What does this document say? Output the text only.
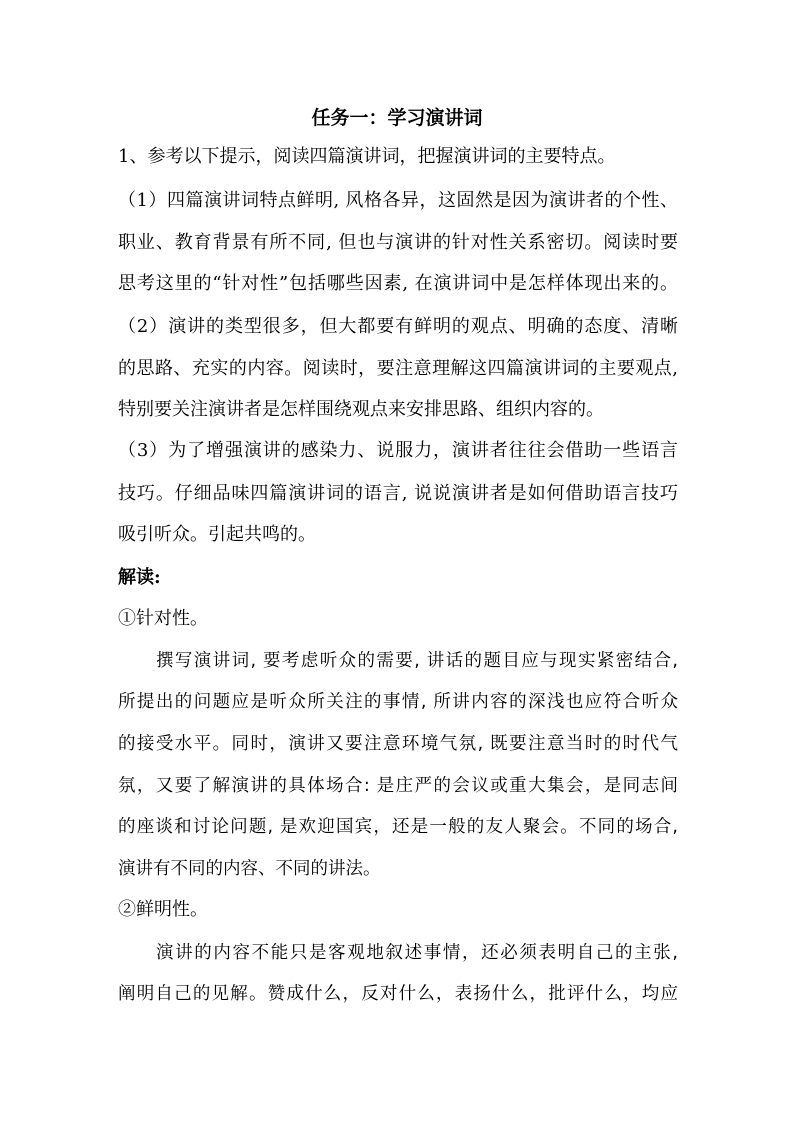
任务一：学习演讲词
1、参考以下提示，阅读四篇演讲词，把握演讲词的主要特点。
（1）四篇演讲词特点鲜明, 风格各异，这固然是因为演讲者的个性、
职业、教育背景有所不同, 但也与演讲的针对性关系密切。阅读时要
思考这里的“针对性”包括哪些因素, 在演讲词中是怎样体现出来的。
（2）演讲的类型很多，但大都要有鲜明的观点、明确的态度、清晰
的思路、充实的内容。阅读时，要注意理解这四篇演讲词的主要观点,
特别要关注演讲者是怎样围绕观点来安排思路、组织内容的。
（3）为了增强演讲的感染力、说服力，演讲者往往会借助一些语言
技巧。仔细品味四篇演讲词的语言, 说说演讲者是如何借助语言技巧
吸引听众。引起共鸣的。
解读:
①针对性。
撰写演讲词, 要考虑听众的需要, 讲话的题目应与现实紧密结合,
所提出的问题应是听众所关注的事情, 所讲内容的深浅也应符合听众
的接受水平。同时，演讲又要注意环境气氛, 既要注意当时的时代气
氛，又要了解演讲的具体场合: 是庄严的会议或重大集会，是同志间
的座谈和讨论问题, 是欢迎国宾，还是一般的友人聚会。不同的场合,
演讲有不同的内容、不同的讲法。
②鲜明性。
演讲的内容不能只是客观地叙述事情，还必须表明自己的主张,
阐明自己的见解。赞成什么，反对什么，表扬什么，批评什么，均应
